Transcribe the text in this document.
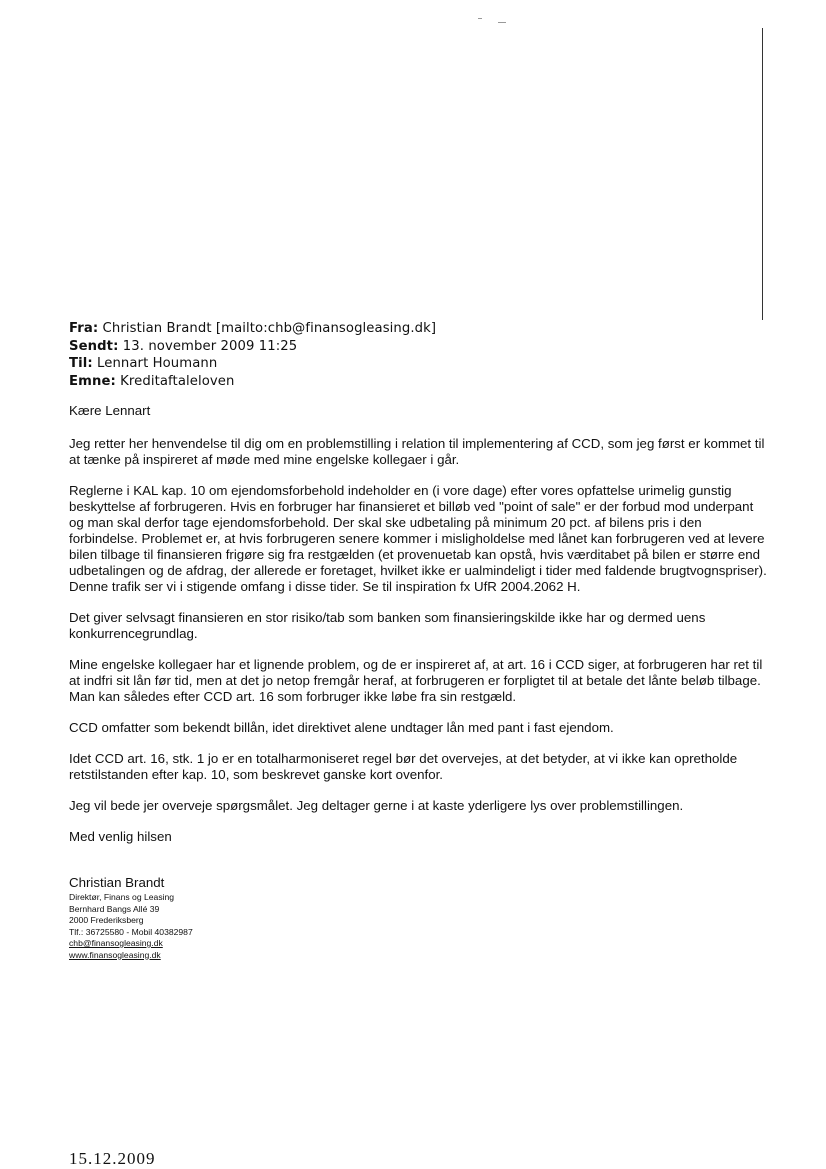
Fra: Christian Brandt [mailto:chb@finansogleasing.dk]
Sendt: 13. november 2009 11:25
Til: Lennart Houmann
Emne: Kreditaftaleloven

Kære Lennart

Jeg retter her henvendelse til dig om en problemstilling i relation til implementering af CCD, som jeg først er kommet til at tænke på inspireret af møde med mine engelske kollegaer i går.

Reglerne i KAL kap. 10 om ejendomsforbehold indeholder en (i vore dage) efter vores opfattelse urimelig gunstig beskyttelse af forbrugeren. Hvis en forbruger har finansieret et billøb ved "point of sale" er der forbud mod underpant og man skal derfor tage ejendomsforbehold. Der skal ske udbetaling på minimum 20 pct. af bilens pris i den forbindelse. Problemet er, at hvis forbrugeren senere kommer i misligholdelse med lånet kan forbrugeren ved at levere bilen tilbage til finansieren frigøre sig fra restgælden (et provenuetab kan opstå, hvis værditabet på bilen er større end udbetalingen og de afdrag, der allerede er foretaget, hvilket ikke er ualmindeligt i tider med faldende brugtvognspriser). Denne trafik ser vi i stigende omfang i disse tider. Se til inspiration fx UfR 2004.2062 H.

Det giver selvsagt finansieren en stor risiko/tab som banken som finansieringskilde ikke har og dermed uens konkurrencegrundlag.

Mine engelske kollegaer har et lignende problem, og de er inspireret af, at art. 16 i CCD siger, at forbrugeren har ret til at indfri sit lån før tid, men at det jo netop fremgår heraf, at forbrugeren er forpligtet til at betale det lånte beløb tilbage. Man kan således efter CCD art. 16 som forbruger ikke løbe fra sin restgæld.

CCD omfatter som bekendt billån, idet direktivet alene undtager lån med pant i fast ejendom.

Idet CCD art. 16, stk. 1 jo er en totalharmoniseret regel bør det overvejes, at det betyder, at vi ikke kan opretholde retstilstanden efter kap. 10, som beskrevet ganske kort ovenfor.

Jeg vil bede jer overveje spørgsmålet. Jeg deltager gerne i at kaste yderligere lys over problemstillingen.

Med venlig hilsen

Christian Brandt
Direktør, Finans og Leasing
Bernhard Bangs Allé 39
2000 Frederiksberg
Tlf.: 36725580 - Mobil 40382987
chb@finansogleasing.dk
www.finansogleasing.dk
15.12.2009
